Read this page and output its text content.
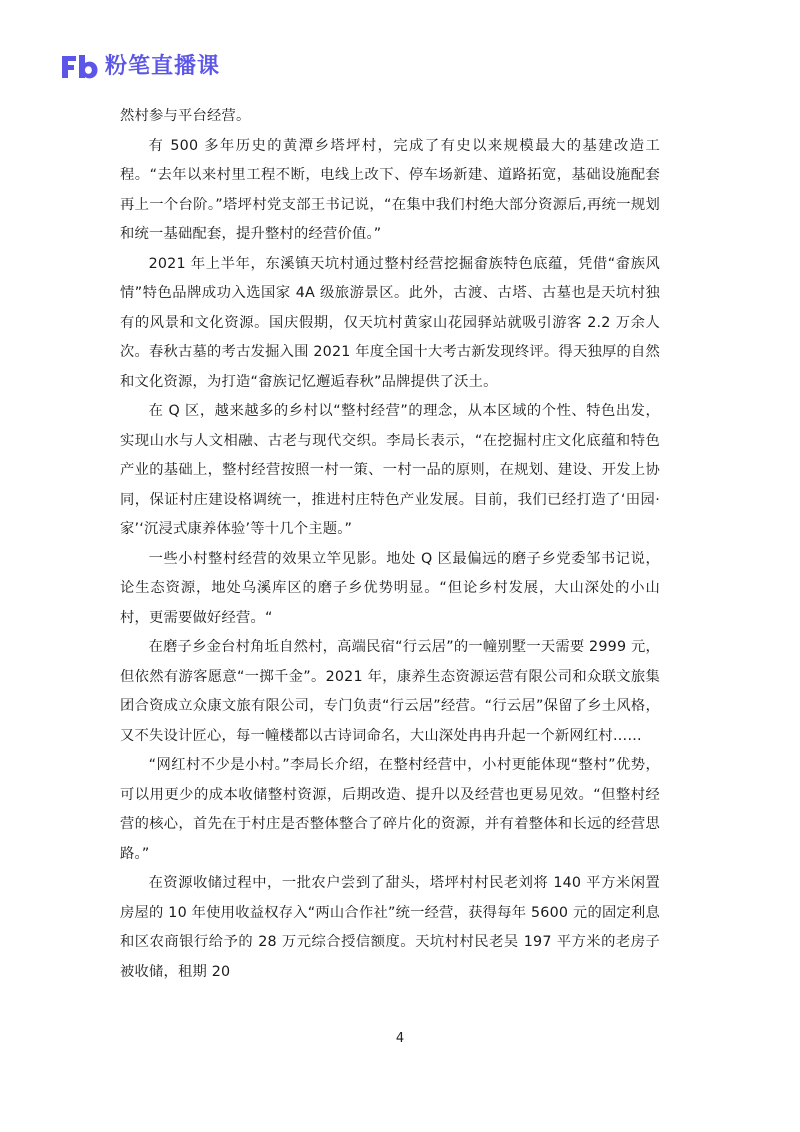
粉笔直播课

然村参与平台经营。

有 500 多年历史的黄潭乡塔坪村，完成了有史以来规模最大的基建改造工程。“去年以来村里工程不断，电线上改下、停车场新建、道路拓宽，基础设施配套再上一个台阶。”塔坪村党支部王书记说，“在集中我们村绝大部分资源后,再统一规划和统一基础配套，提升整村的经营价值。”

2021 年上半年，东溪镇天坑村通过整村经营挖掘畲族特色底蕴，凭借“畲族风情”特色品牌成功入选国家 4A 级旅游景区。此外，古渡、古塔、古墓也是天坑村独有的风景和文化资源。国庆假期，仅天坑村黄家山花园驿站就吸引游客 2.2 万余人次。春秋古墓的考古发掘入围 2021 年度全国十大考古新发现终评。得天独厚的自然和文化资源，为打造“畲族记忆邂逅春秋”品牌提供了沃土。

在 Q 区，越来越多的乡村以“整村经营”的理念，从本区域的个性、特色出发，实现山水与人文相融、古老与现代交织。李局长表示，“在挖掘村庄文化底蕴和特色产业的基础上，整村经营按照一村一策、一村一品的原则，在规划、建设、开发上协同，保证村庄建设格调统一，推进村庄特色产业发展。目前，我们已经打造了‘田园·家’‘沉浸式康养体验’等十几个主题。”

一些小村整村经营的效果立竿见影。地处 Q 区最偏远的磨子乡党委邹书记说，论生态资源，地处乌溪库区的磨子乡优势明显。“但论乡村发展，大山深处的小山村，更需要做好经营。“

在磨子乡金台村角坵自然村，高端民宿“行云居”的一幢别墅一天需要 2999 元，但依然有游客愿意“一掷千金”。2021 年，康养生态资源运营有限公司和众联文旅集团合资成立众康文旅有限公司，专门负责“行云居”经营。“行云居”保留了乡土风格，又不失设计匠心，每一幢楼都以古诗词命名，大山深处冉冉升起一个新网红村……

“网红村不少是小村。”李局长介绍，在整村经营中，小村更能体现“整村”优势，可以用更少的成本收储整村资源，后期改造、提升以及经营也更易见效。“但整村经营的核心，首先在于村庄是否整体整合了碎片化的资源，并有着整体和长远的经营思路。”

在资源收储过程中，一批农户尝到了甜头，塔坪村村民老刘将 140 平方米闲置房屋的 10 年使用收益权存入“两山合作社”统一经营，获得每年 5600 元的固定利息和区农商银行给予的 28 万元综合授信额度。天坑村村民老吴 197 平方米的老房子被收储，租期 20

4
